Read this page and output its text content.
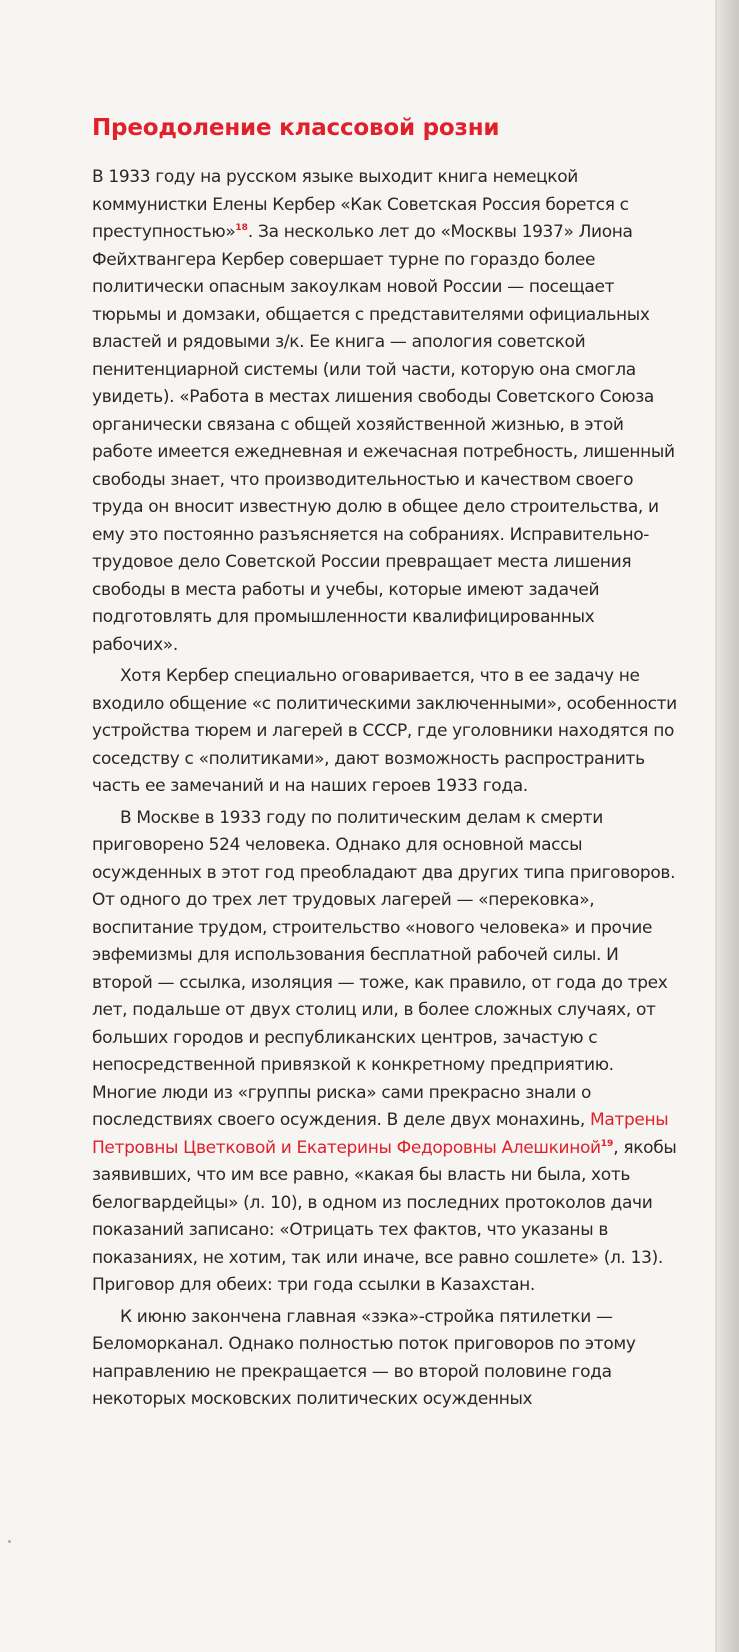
Преодоление классовой розни

В 1933 году на русском языке выходит книга немецкой коммунистки Елены Кербер «Как Советская Россия борется с преступностью»$^{18}$. За несколько лет до «Москвы 1937» Лиона Фейхтвангера Кербер совершает турне по гораздо более политически опасным закоулкам новой России — посещает тюрьмы и домзаки, общается с представителями официальных властей и рядовыми з/к. Ее книга — апология советской пенитенциарной системы (или той части, которую она смогла увидеть). «Работа в местах лишения свободы Советского Союза органически связана с общей хозяйственной жизнью, в этой работе имеется ежедневная и ежечасная потребность, лишенный свободы знает, что производительностью и качеством своего труда он вносит известную долю в общее дело строительства, и ему это постоянно разъясняется на собраниях. Исправительно-трудовое дело Советской России превращает места лишения свободы в места работы и учебы, которые имеют задачей подготовлять для промышленности квалифицированных рабочих».

Хотя Кербер специально оговаривается, что в ее задачу не входило общение «с политическими заключенными», особенности устройства тюрем и лагерей в СССР, где уголовники находятся по соседству с «политиками», дают возможность распространить часть ее замечаний и на наших героев 1933 года.

В Москве в 1933 году по политическим делам к смерти приговорено 524 человека. Однако для основной массы осужденных в этот год преобладают два других типа приговоров. От одного до трех лет трудовых лагерей — «перековка», воспитание трудом, строительство «нового человека» и прочие эвфемизмы для использования бесплатной рабочей силы. И второй — ссылка, изоляция — тоже, как правило, от года до трех лет, подальше от двух столиц или, в более сложных случаях, от больших городов и республиканских центров, зачастую с непосредственной привязкой к конкретному предприятию. Многие люди из «группы риска» сами прекрасно знали о последствиях своего осуждения. В деле двух монахинь, Матрены Петровны Цветковой и Екатерины Федоровны Алешкиной$^{19}$, якобы заявивших, что им все равно, «какая бы власть ни была, хоть белогвардейцы» (л. 10), в одном из последних протоколов дачи показаний записано: «Отрицать тех фактов, что указаны в показаниях, не хотим, так или иначе, все равно сошлете» (л. 13). Приговор для обеих: три года ссылки в Казахстан.

К июню закончена главная «зэка»-стройка пятилетки — Беломорканал. Однако полностью поток приговоров по этому направлению не прекращается — во второй половине года некоторых московских политических осужденных
